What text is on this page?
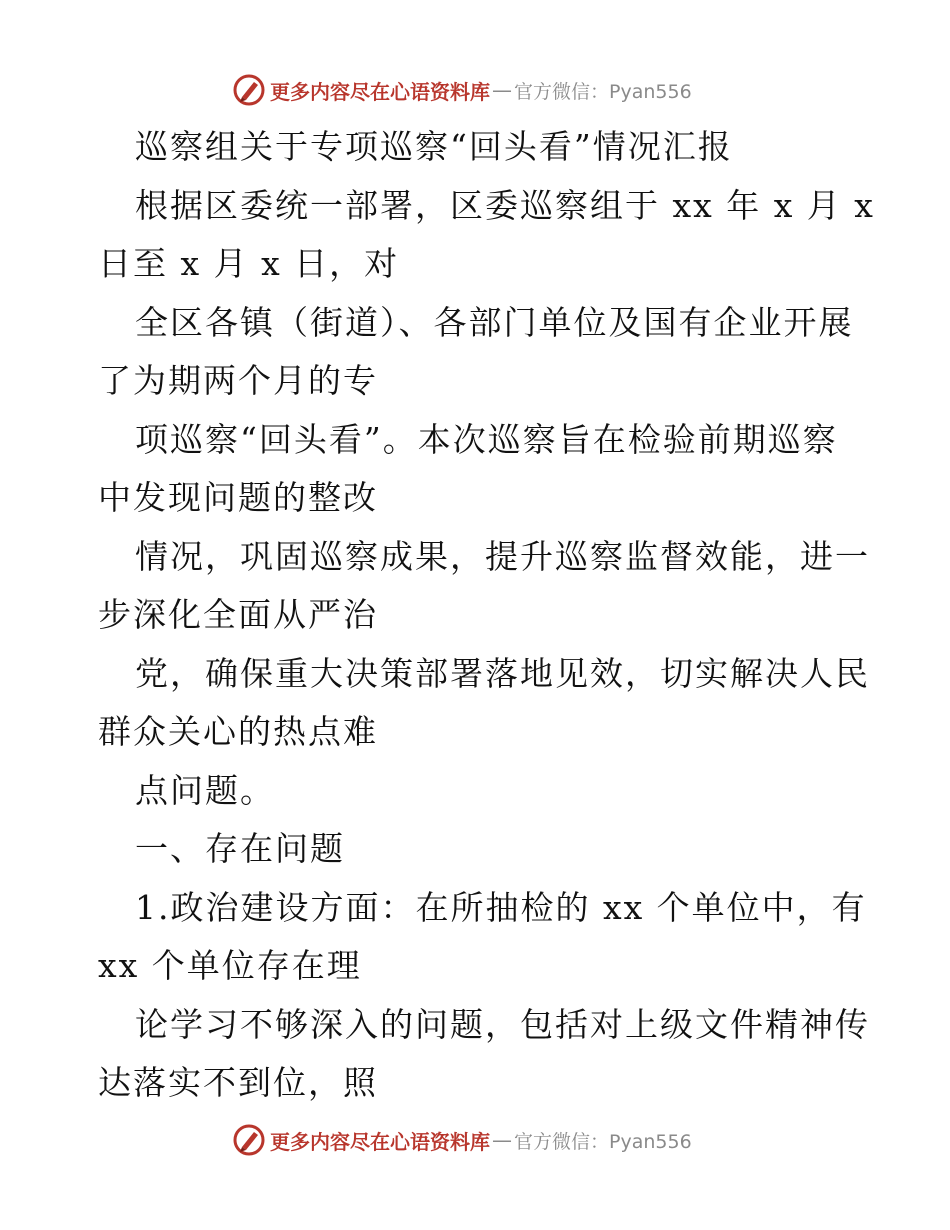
更多内容尽在心语资料库 — 官方微信：Pyan556
巡察组关于专项巡察“回头看”情况汇报
根据区委统一部署，区委巡察组于 xx 年 x 月 x
日至 x 月 x 日，对
全区各镇（街道）、各部门单位及国有企业开展
了为期两个月的专
项巡察“回头看”。本次巡察旨在检验前期巡察
中发现问题的整改
情况，巩固巡察成果，提升巡察监督效能，进一
步深化全面从严治
党，确保重大决策部署落地见效，切实解决人民
群众关心的热点难
点问题。
一、存在问题
1.政治建设方面：在所抽检的 xx 个单位中，有
xx 个单位存在理
论学习不够深入的问题，包括对上级文件精神传
达落实不到位，照
更多内容尽在心语资料库 — 官方微信：Pyan556
